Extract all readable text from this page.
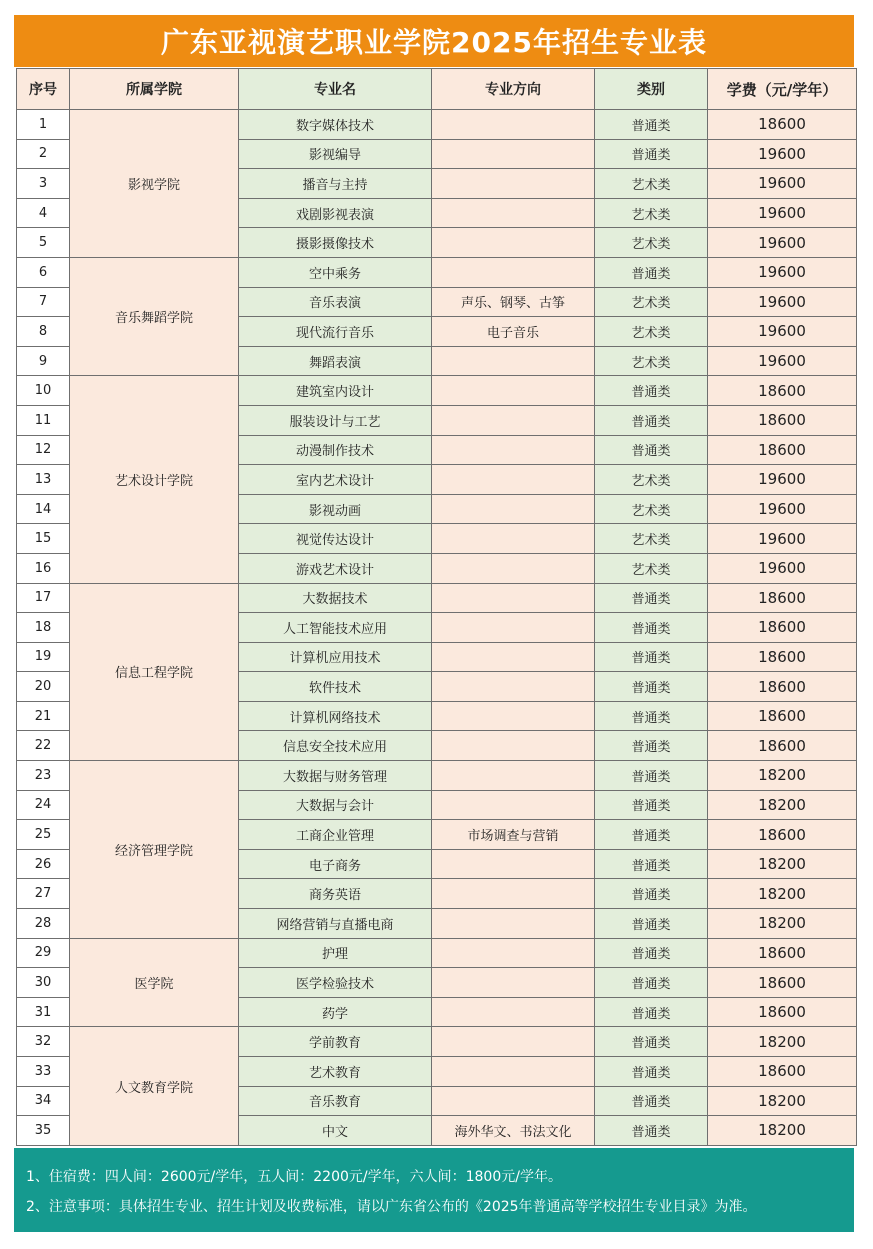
广东亚视演艺职业学院2025年招生专业表
序号	所属学院	专业名	专业方向	类别	学费（元/学年）
1	影视学院	数字媒体技术		普通类	18600
2		影视编导		普通类	19600
3		播音与主持		艺术类	19600
4		戏剧影视表演		艺术类	19600
5		摄影摄像技术		艺术类	19600
6	音乐舞蹈学院	空中乘务		普通类	19600
7		音乐表演	声乐、钢琴、古筝	艺术类	19600
8		现代流行音乐	电子音乐	艺术类	19600
9		舞蹈表演		艺术类	19600
10	艺术设计学院	建筑室内设计		普通类	18600
11		服装设计与工艺		普通类	18600
12		动漫制作技术		普通类	18600
13		室内艺术设计		艺术类	19600
14		影视动画		艺术类	19600
15		视觉传达设计		艺术类	19600
16		游戏艺术设计		艺术类	19600
17	信息工程学院	大数据技术		普通类	18600
18		人工智能技术应用		普通类	18600
19		计算机应用技术		普通类	18600
20		软件技术		普通类	18600
21		计算机网络技术		普通类	18600
22		信息安全技术应用		普通类	18600
23	经济管理学院	大数据与财务管理		普通类	18200
24		大数据与会计		普通类	18200
25		工商企业管理	市场调查与营销	普通类	18600
26		电子商务		普通类	18200
27		商务英语		普通类	18200
28		网络营销与直播电商		普通类	18200
29	医学院	护理		普通类	18600
30		医学检验技术		普通类	18600
31		药学		普通类	18600
32	人文教育学院	学前教育		普通类	18200
33		艺术教育		普通类	18600
34		音乐教育		普通类	18200
35		中文	海外华文、书法文化	普通类	18200
1、住宿费：四人间：2600元/学年，五人间：2200元/学年，六人间：1800元/学年。
2、注意事项：具体招生专业、招生计划及收费标准，请以广东省公布的《2025年普通高等学校招生专业目录》为准。
